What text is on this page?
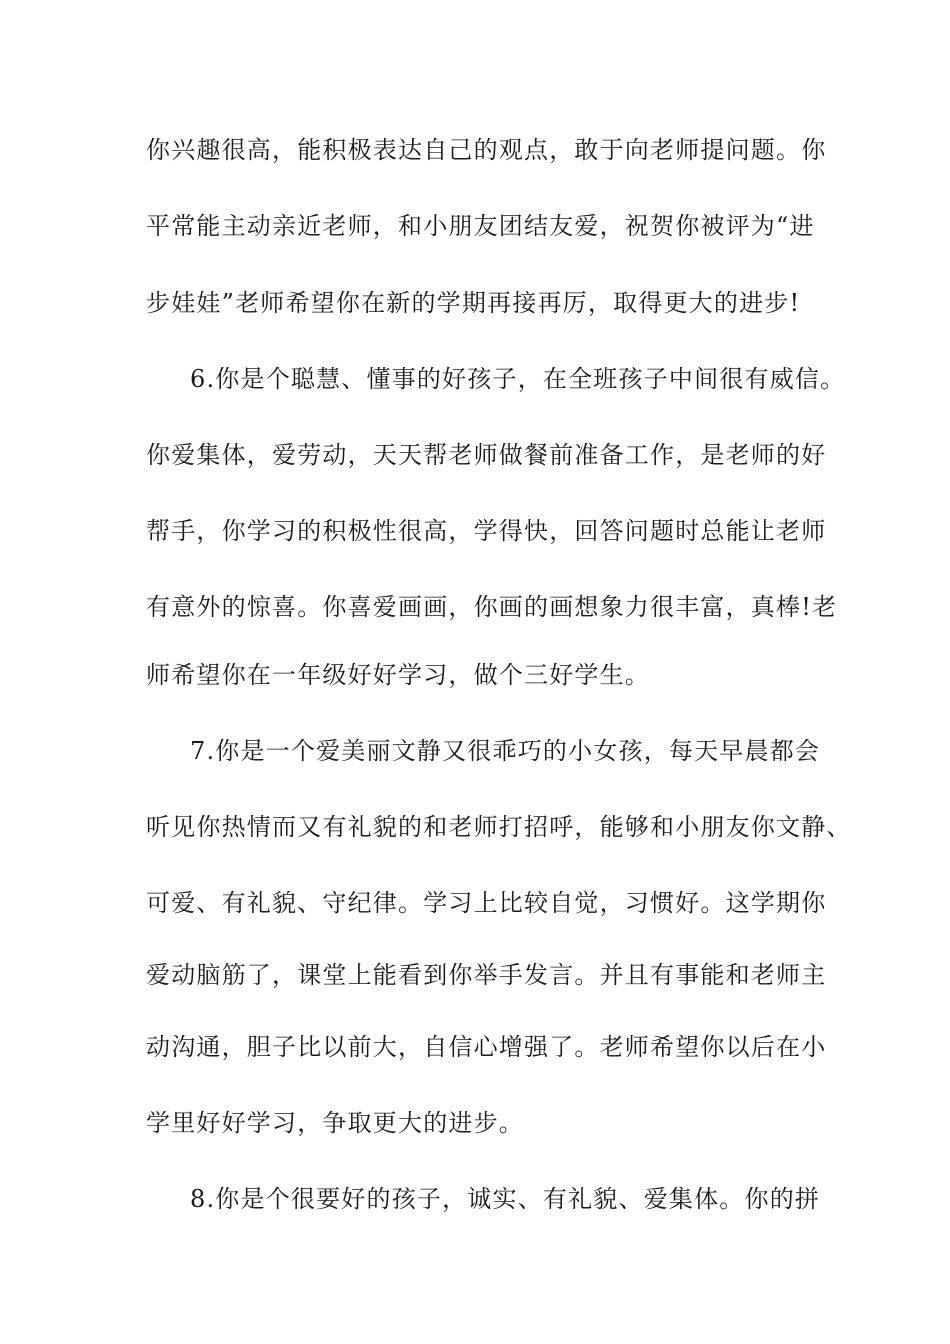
你兴趣很高，能积极表达自己的观点，敢于向老师提问题。你
平常能主动亲近老师，和小朋友团结友爱，祝贺你被评为“进
步娃娃”老师希望你在新的学期再接再厉，取得更大的进步!
6.你是个聪慧、懂事的好孩子，在全班孩子中间很有威信。
你爱集体，爱劳动，天天帮老师做餐前准备工作，是老师的好
帮手，你学习的积极性很高，学得快，回答问题时总能让老师
有意外的惊喜。你喜爱画画，你画的画想象力很丰富，真棒!老
师希望你在一年级好好学习，做个三好学生。
7.你是一个爱美丽文静又很乖巧的小女孩，每天早晨都会
听见你热情而又有礼貌的和老师打招呼，能够和小朋友你文静、
可爱、有礼貌、守纪律。学习上比较自觉，习惯好。这学期你
爱动脑筋了，课堂上能看到你举手发言。并且有事能和老师主
动沟通，胆子比以前大，自信心增强了。老师希望你以后在小
学里好好学习，争取更大的进步。
8.你是个很要好的孩子，诚实、有礼貌、爱集体。你的拼
